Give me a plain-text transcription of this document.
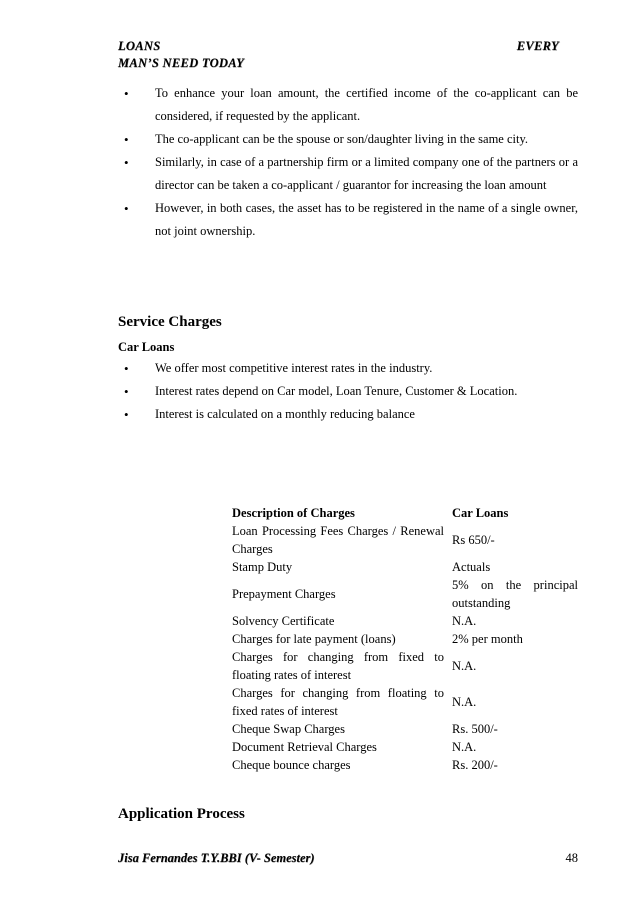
LOANS	EVERY
MAN’S NEED TODAY
• To enhance your loan amount, the certified income of the co-applicant can be considered, if requested by the applicant.
• The co-applicant can be the spouse or son/daughter living in the same city.
• Similarly, in case of a partnership firm or a limited company one of the partners or a director can be taken a co-applicant / guarantor for increasing the loan amount
• However, in both cases, the asset has to be registered in the name of a single owner, not joint ownership.
Service Charges
Car Loans
• We offer most competitive interest rates in the industry.
• Interest rates depend on Car model, Loan Tenure, Customer & Location.
• Interest is calculated on a monthly reducing balance
Description of Charges	Car Loans
Loan Processing Fees Charges / Renewal Charges	Rs 650/-
Stamp Duty	Actuals
Prepayment Charges	5% on the principal outstanding
Solvency Certificate	N.A.
Charges for late payment (loans)	2% per month
Charges for changing from fixed to floating rates of interest	N.A.
Charges for changing from floating to fixed rates of interest	N.A.
Cheque Swap Charges	Rs. 500/-
Document Retrieval Charges	N.A.
Cheque bounce charges	Rs. 200/-
Application Process
Jisa Fernandes T.Y.BBI (V- Semester)	48
